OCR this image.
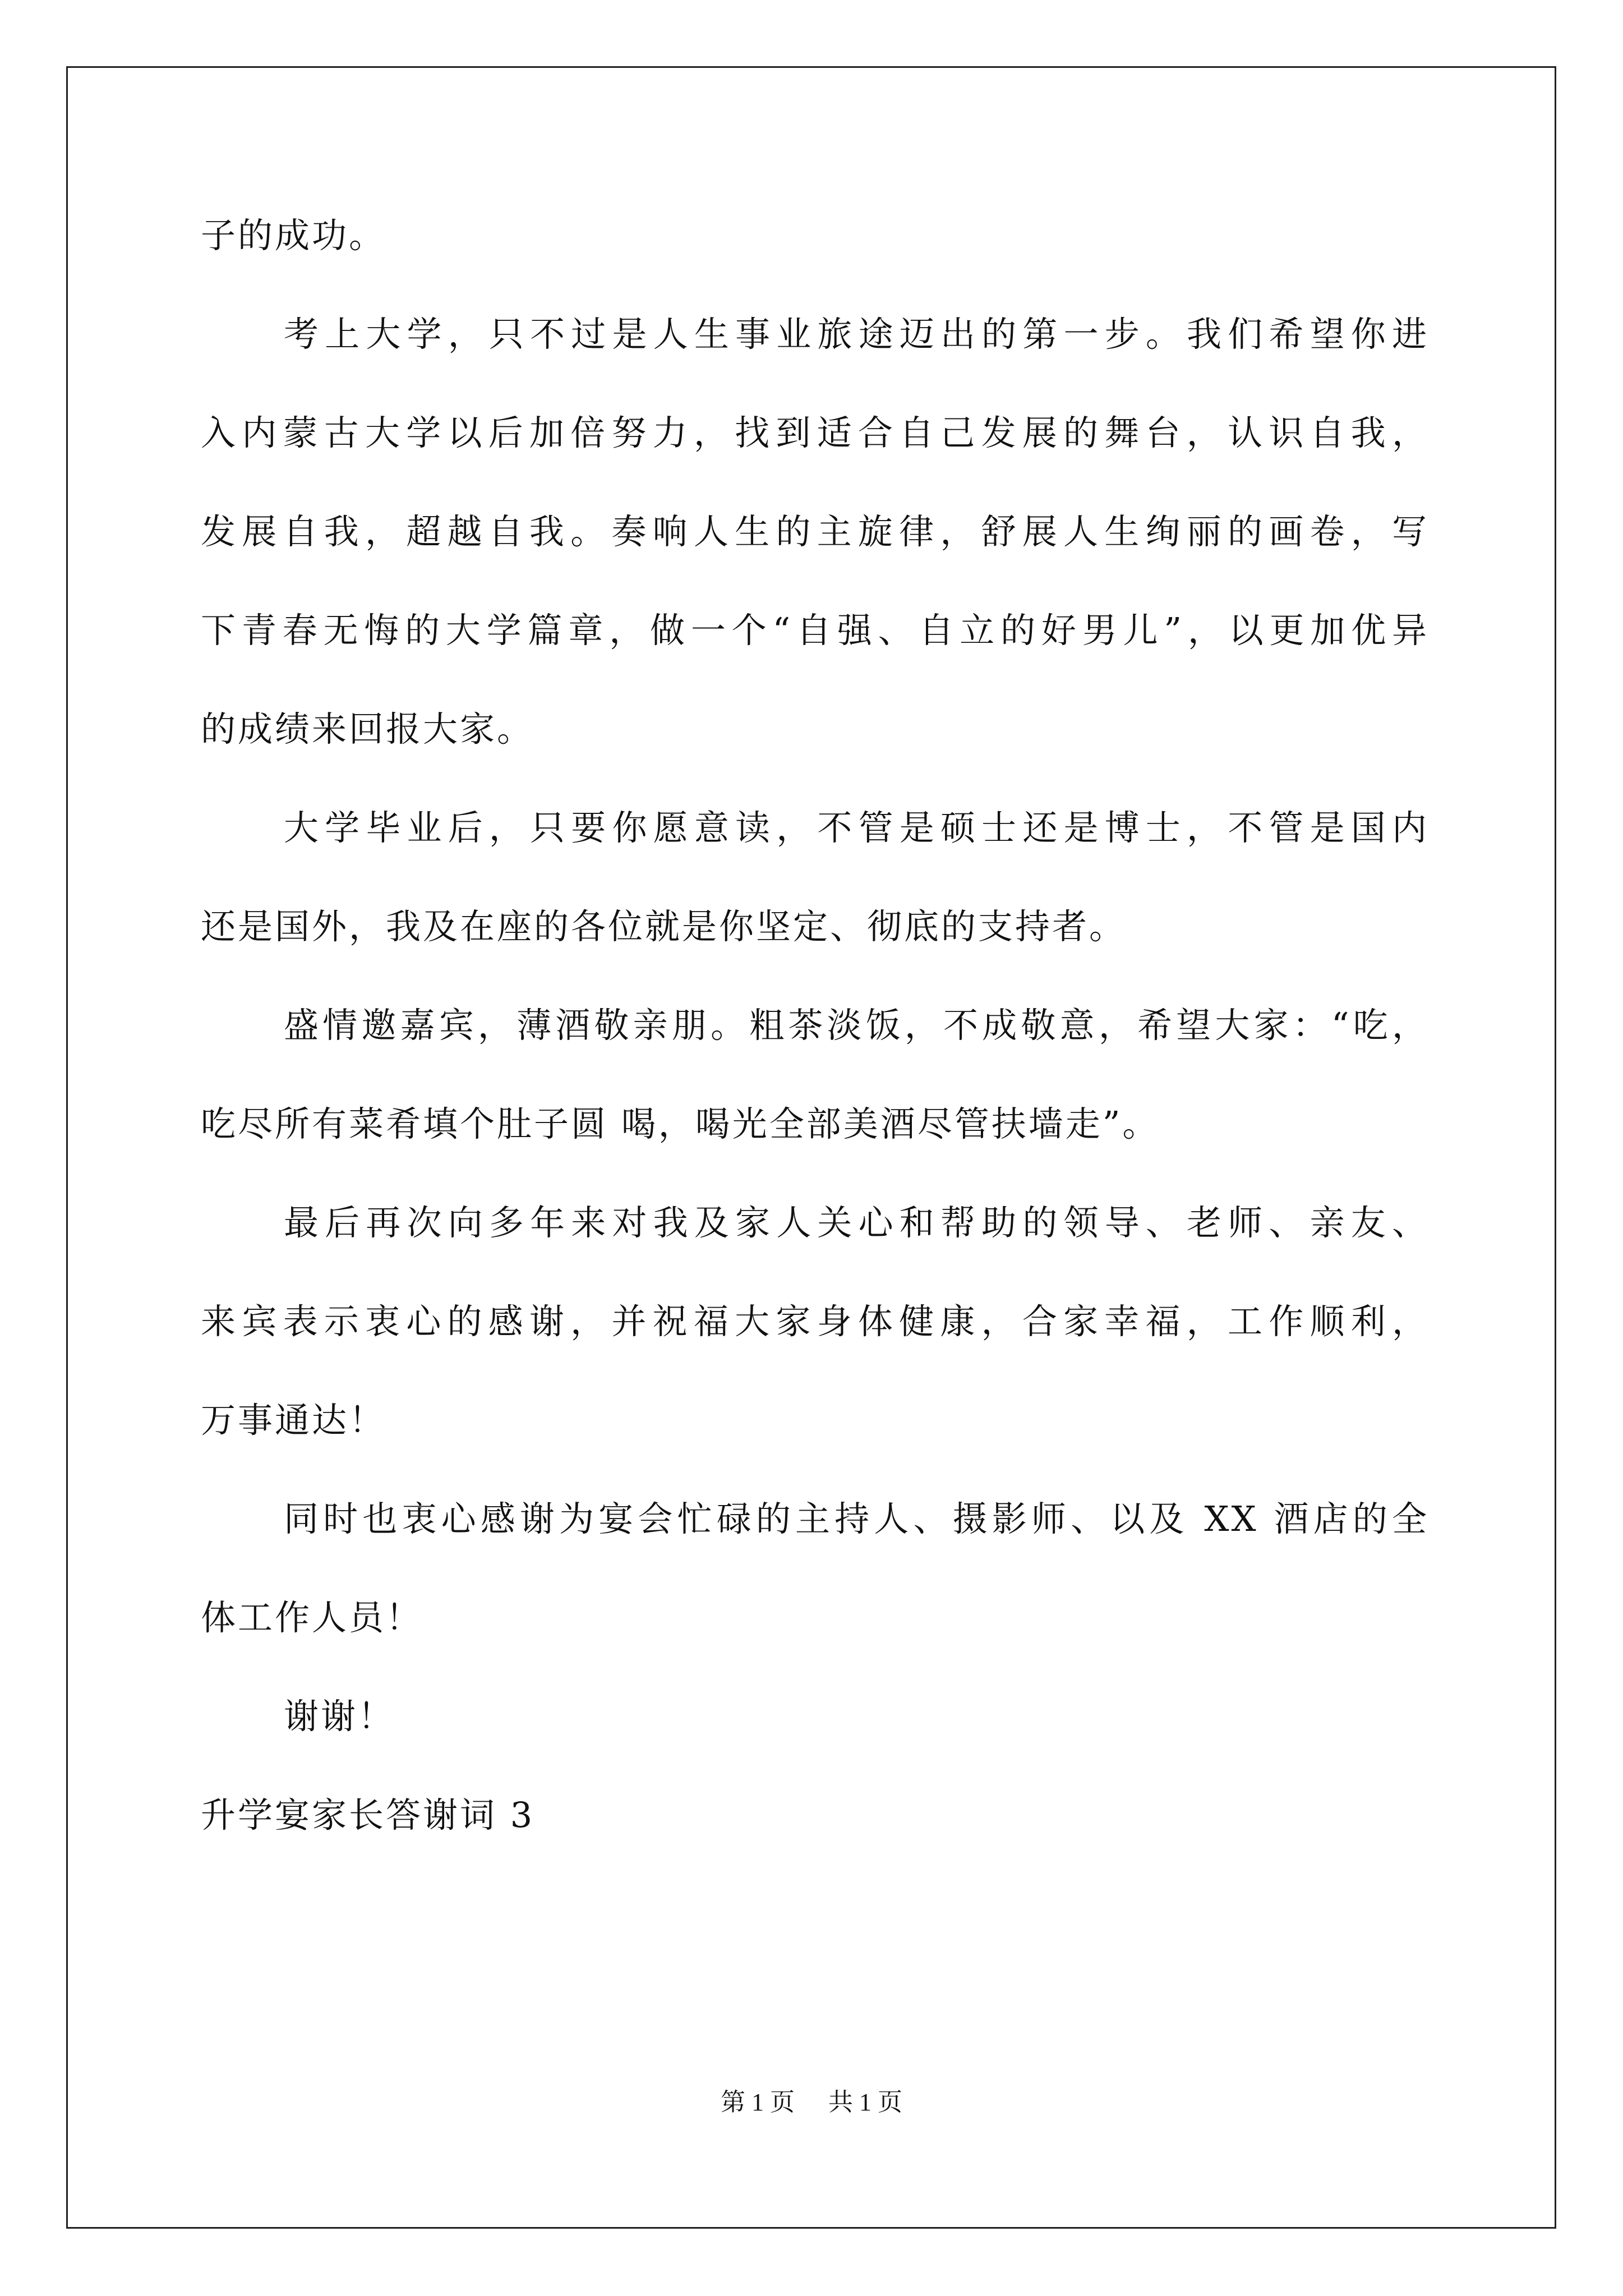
子的成功。

考上大学，只不过是人生事业旅途迈出的第一步。我们希望你进

入内蒙古大学以后加倍努力，找到适合自己发展的舞台，认识自我，

发展自我，超越自我。奏响人生的主旋律，舒展人生绚丽的画卷，写

下青春无悔的大学篇章，做一个“自强、自立的好男儿”，以更加优异

的成绩来回报大家。

大学毕业后，只要你愿意读，不管是硕士还是博士，不管是国内

还是国外，我及在座的各位就是你坚定、彻底的支持者。

盛情邀嘉宾，薄酒敬亲朋。粗茶淡饭，不成敬意，希望大家：“吃，

吃尽所有菜肴填个肚子圆 喝，喝光全部美酒尽管扶墙走”。

最后再次向多年来对我及家人关心和帮助的领导、老师、亲友、

来宾表示衷心的感谢，并祝福大家身体健康，合家幸福，工作顺利，

万事通达！

同时也衷心感谢为宴会忙碌的主持人、摄影师、以及 XX 酒店的全

体工作人员！

谢谢！

升学宴家长答谢词 3

第 1 页 共 1 页
